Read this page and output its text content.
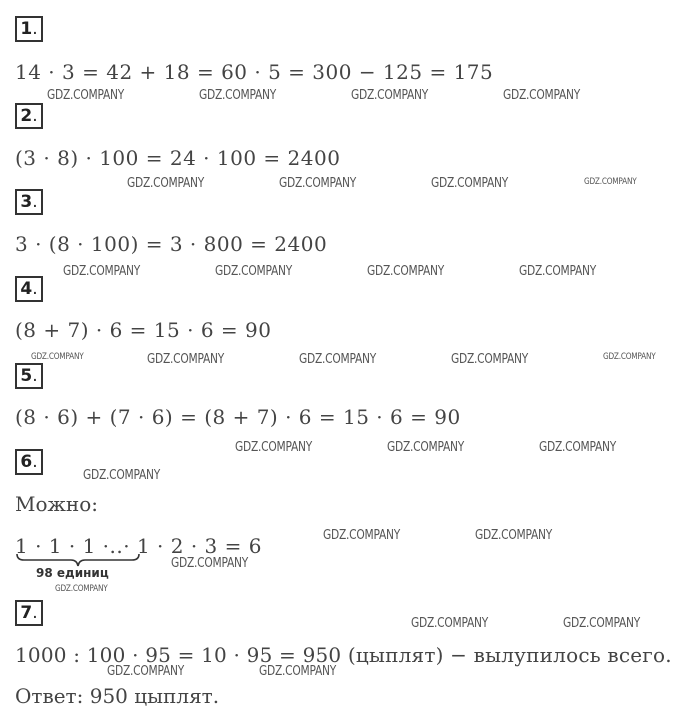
1.
14 · 3 = 42 + 18 = 60 · 5 = 300 − 125 = 175
2.
(3 · 8) · 100 = 24 · 100 = 2400
3.
3 · (8 · 100) = 3 · 800 = 2400
4.
(8 + 7) · 6 = 15 · 6 = 90
5.
(8 · 6) + (7 · 6) = (8 + 7) · 6 = 15 · 6 = 90
6.
Можно:
1 · 1 · 1 ·..· 1 · 2 · 3 = 6
98 единиц
7.
1000 : 100 · 95 = 10 · 95 = 950 (цыплят) − вылупилось всего.
Ответ: 950 цыплят.
GDZ.COMPANY	GDZ.COMPANY	GDZ.COMPANY	GDZ.COMPANY
GDZ.COMPANY	GDZ.COMPANY	GDZ.COMPANY	GDZ.COMPANY
GDZ.COMPANY	GDZ.COMPANY	GDZ.COMPANY	GDZ.COMPANY
GDZ.COMPANY	GDZ.COMPANY	GDZ.COMPANY	GDZ.COMPANY	GDZ.COMPANY
GDZ.COMPANY	GDZ.COMPANY	GDZ.COMPANY
GDZ.COMPANY
GDZ.COMPANY	GDZ.COMPANY
GDZ.COMPANY
GDZ.COMPANY
GDZ.COMPANY	GDZ.COMPANY
GDZ.COMPANY	GDZ.COMPANY
